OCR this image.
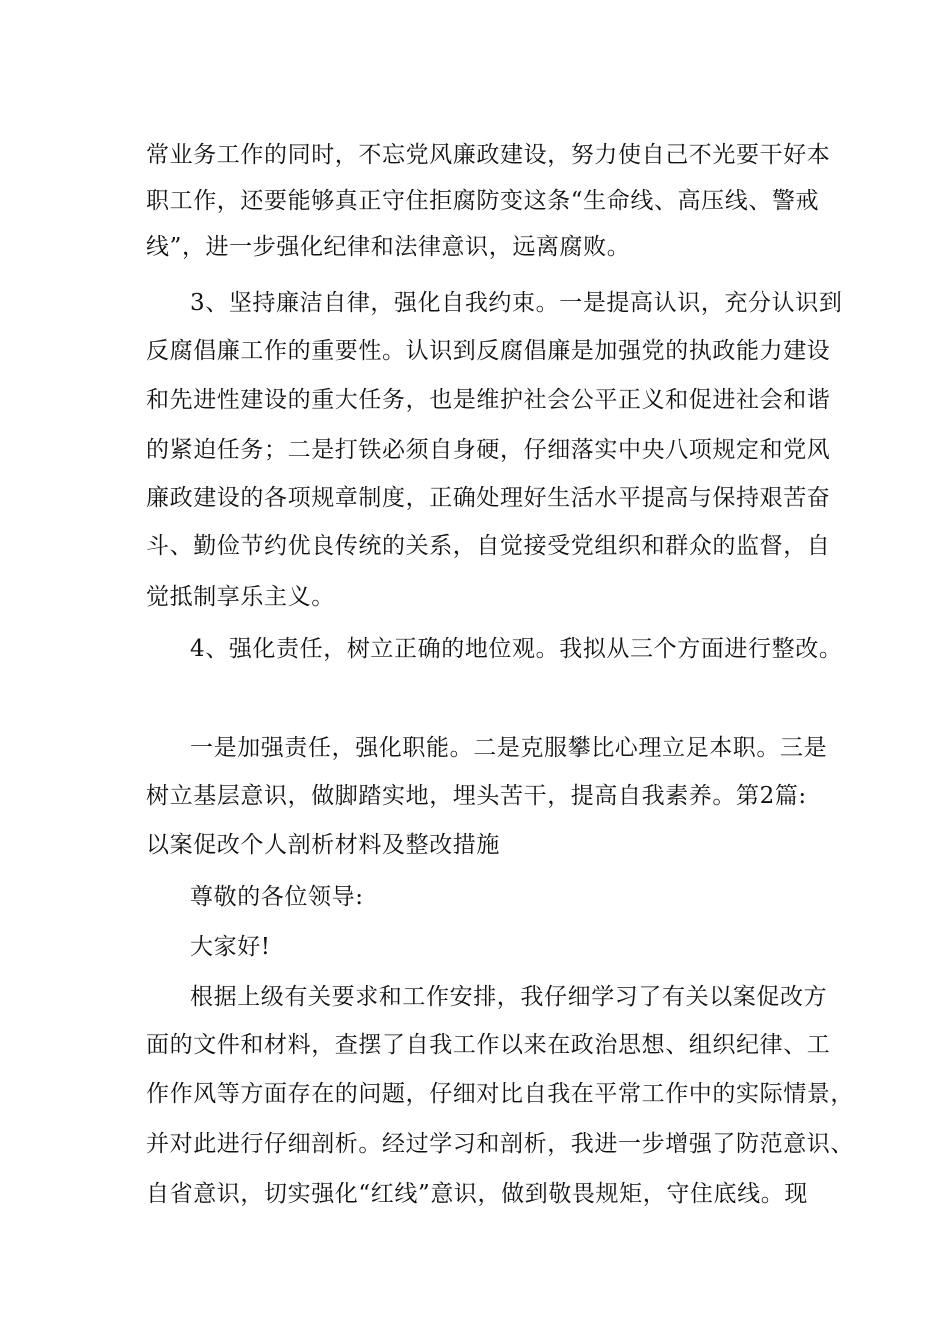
常业务工作的同时，不忘党风廉政建设，努力使自己不光要干好本
职工作，还要能够真正守住拒腐防变这条“生命线、高压线、警戒
线”，进一步强化纪律和法律意识，远离腐败。
3、坚持廉洁自律，强化自我约束。一是提高认识，充分认识到
反腐倡廉工作的重要性。认识到反腐倡廉是加强党的执政能力建设
和先进性建设的重大任务，也是维护社会公平正义和促进社会和谐
的紧迫任务；二是打铁必须自身硬，仔细落实中央八项规定和党风
廉政建设的各项规章制度，正确处理好生活水平提高与保持艰苦奋
斗、勤俭节约优良传统的关系，自觉接受党组织和群众的监督，自
觉抵制享乐主义。
4、强化责任，树立正确的地位观。我拟从三个方面进行整改。
一是加强责任，强化职能。二是克服攀比心理立足本职。三是
树立基层意识，做脚踏实地，埋头苦干，提高自我素养。第2篇:
以案促改个人剖析材料及整改措施
尊敬的各位领导:
大家好!
根据上级有关要求和工作安排，我仔细学习了有关以案促改方
面的文件和材料，查摆了自我工作以来在政治思想、组织纪律、工
作作风等方面存在的问题，仔细对比自我在平常工作中的实际情景，
并对此进行仔细剖析。经过学习和剖析，我进一步增强了防范意识、
自省意识，切实强化“红线”意识，做到敬畏规矩，守住底线。现
